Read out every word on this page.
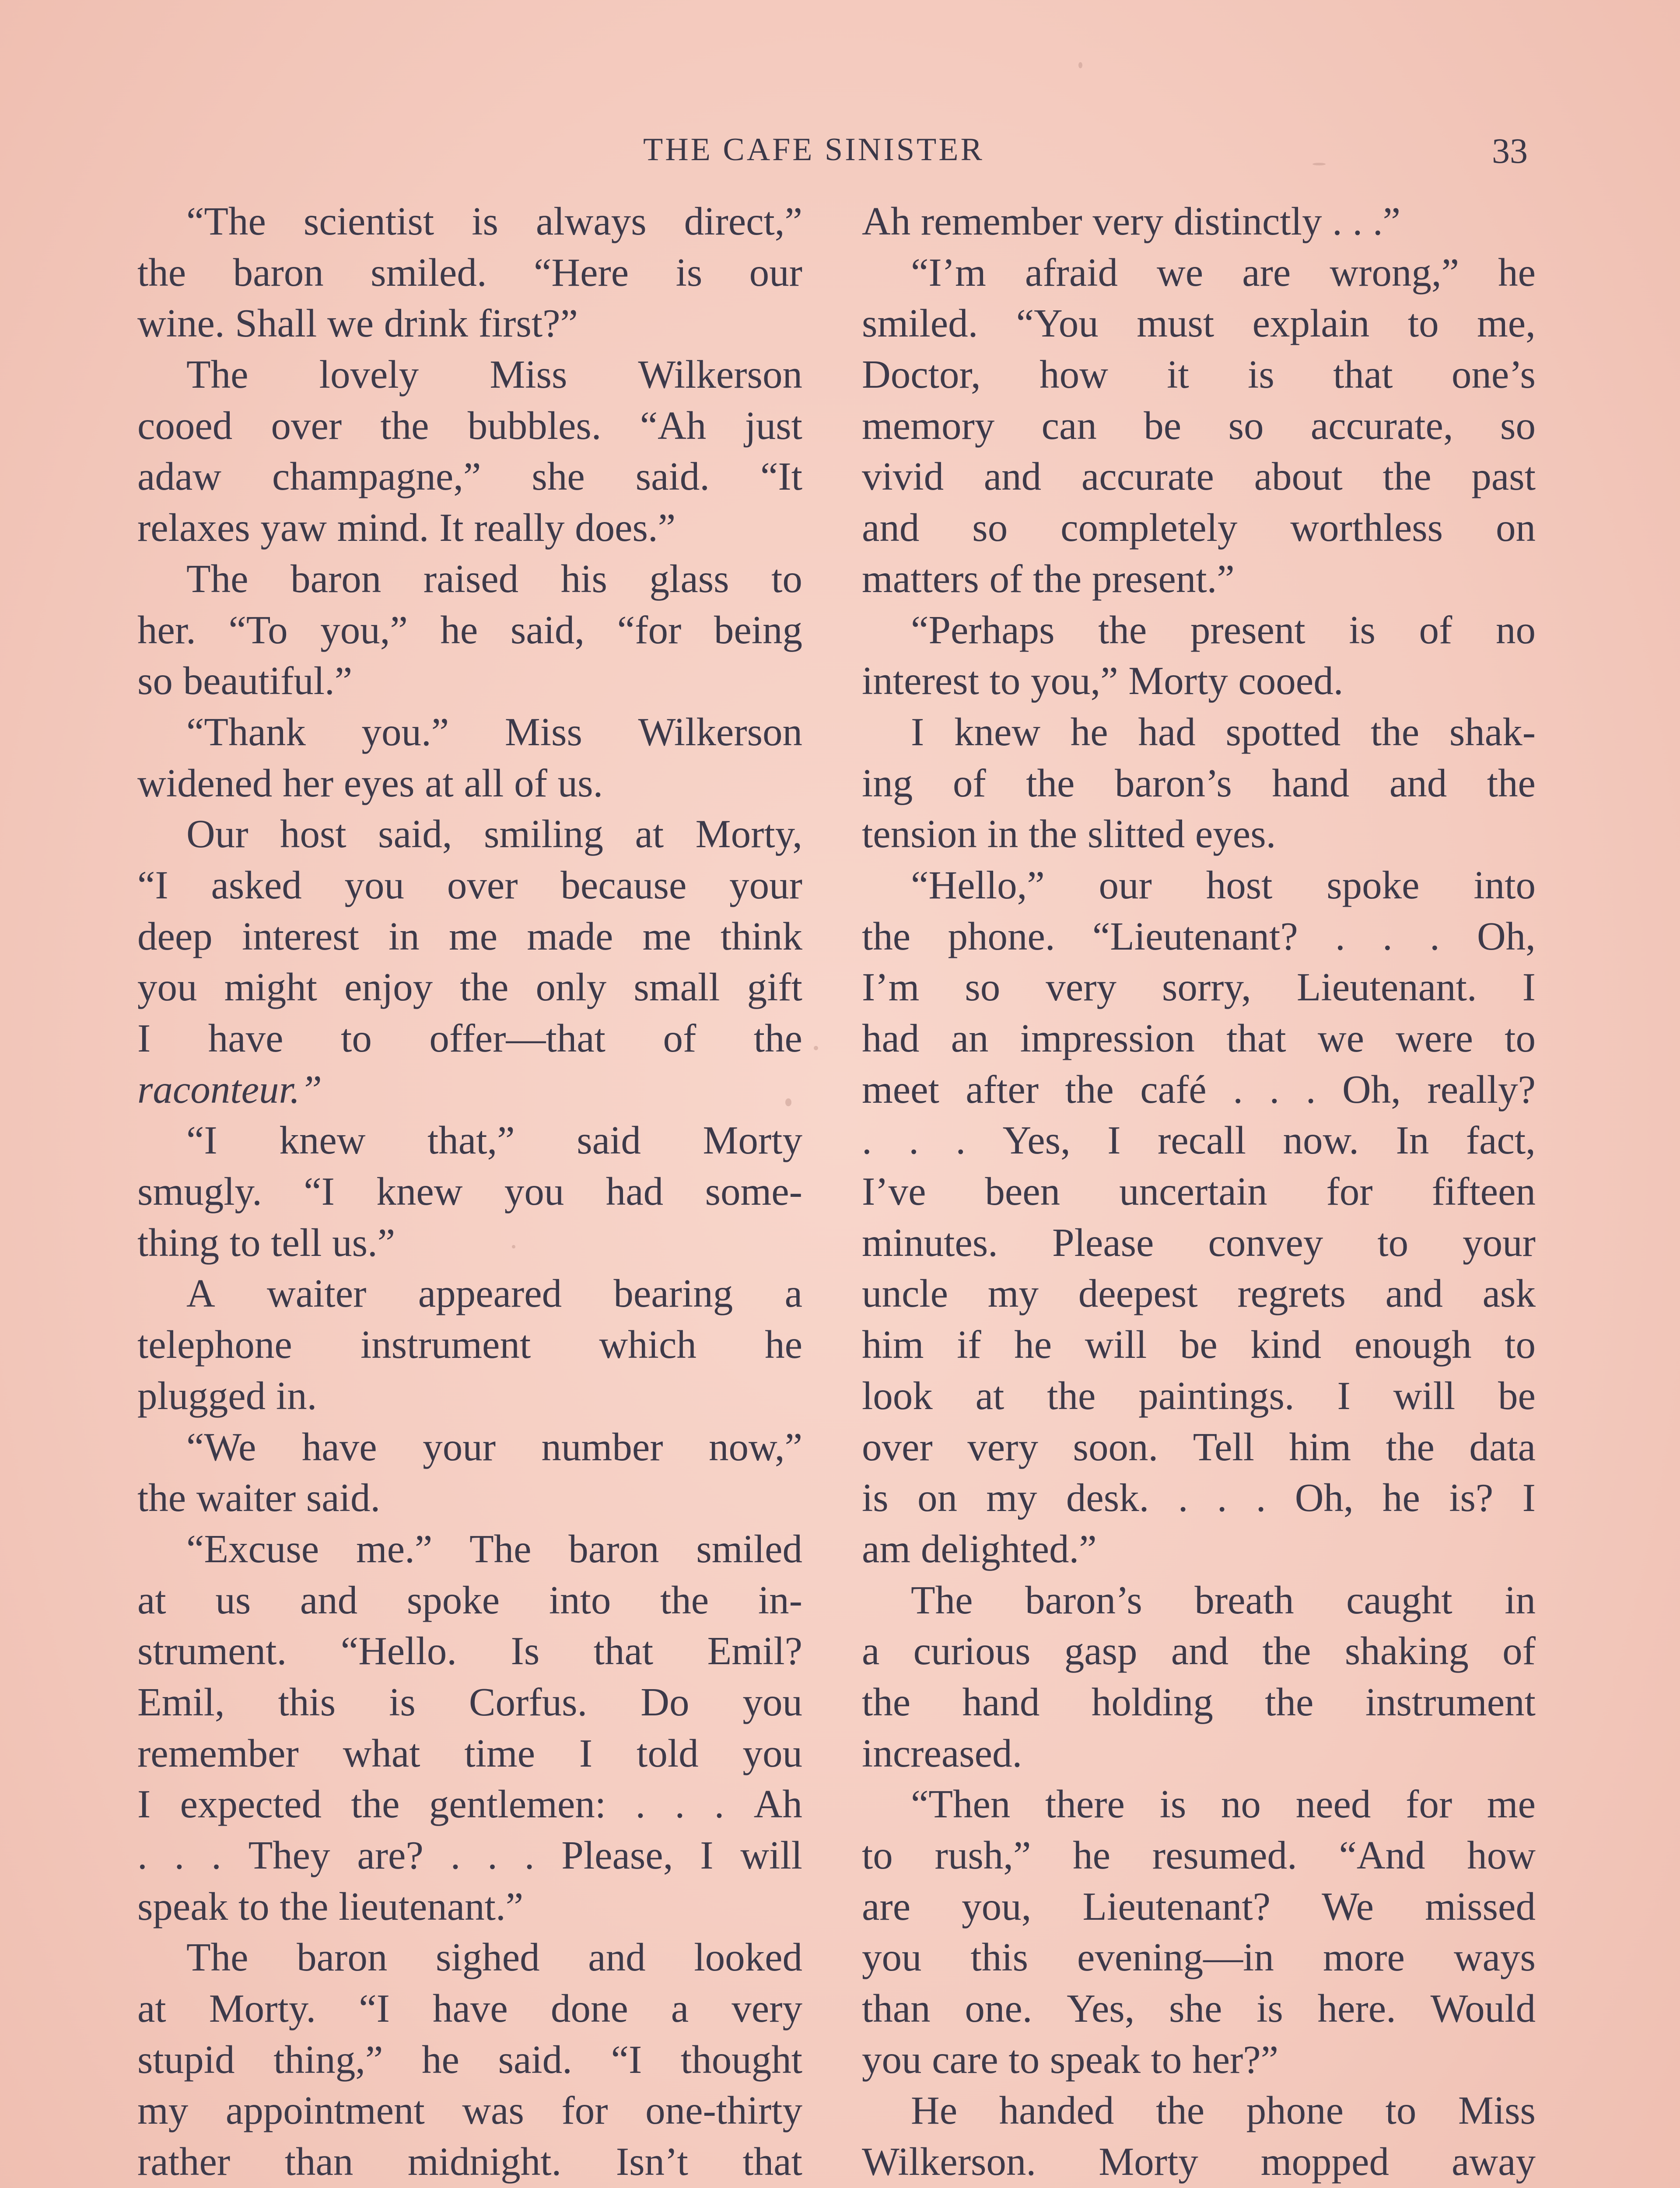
THE CAFE SINISTER	33
“The scientist is always direct,”
the baron smiled. “Here is our
wine. Shall we drink first?”
The lovely Miss Wilkerson
cooed over the bubbles. “Ah just
adaw champagne,” she said. “It
relaxes yaw mind. It really does.”
The baron raised his glass to
her. “To you,” he said, “for being
so beautiful.”
“Thank you.” Miss Wilkerson
widened her eyes at all of us.
Our host said, smiling at Morty,
“I asked you over because your
deep interest in me made me think
you might enjoy the only small gift
I have to offer—that of the
raconteur.”
“I knew that,” said Morty
smugly. “I knew you had some-
thing to tell us.”
A waiter appeared bearing a
telephone instrument which he
plugged in.
“We have your number now,”
the waiter said.
“Excuse me.” The baron smiled
at us and spoke into the in-
strument. “Hello. Is that Emil?
Emil, this is Corfus. Do you
remember what time I told you
I expected the gentlemen: . . . Ah
. . . They are? . . . Please, I will
speak to the lieutenant.”
The baron sighed and looked
at Morty. “I have done a very
stupid thing,” he said. “I thought
my appointment was for one-thirty
rather than midnight. Isn’t that
Ah remember very distinctly . . .”
“I’m afraid we are wrong,” he
smiled. “You must explain to me,
Doctor, how it is that one’s
memory can be so accurate, so
vivid and accurate about the past
and so completely worthless on
matters of the present.”
“Perhaps the present is of no
interest to you,” Morty cooed.
I knew he had spotted the shak-
ing of the baron’s hand and the
tension in the slitted eyes.
“Hello,” our host spoke into
the phone. “Lieutenant? . . . Oh,
I’m so very sorry, Lieutenant. I
had an impression that we were to
meet after the café . . . Oh, really?
. . . Yes, I recall now. In fact,
I’ve been uncertain for fifteen
minutes. Please convey to your
uncle my deepest regrets and ask
him if he will be kind enough to
look at the paintings. I will be
over very soon. Tell him the data
is on my desk. . . . Oh, he is? I
am delighted.”
The baron’s breath caught in
a curious gasp and the shaking of
the hand holding the instrument
increased.
“Then there is no need for me
to rush,” he resumed. “And how
are you, Lieutenant? We missed
you this evening—in more ways
than one. Yes, she is here. Would
you care to speak to her?”
He handed the phone to Miss
Wilkerson. Morty mopped away
